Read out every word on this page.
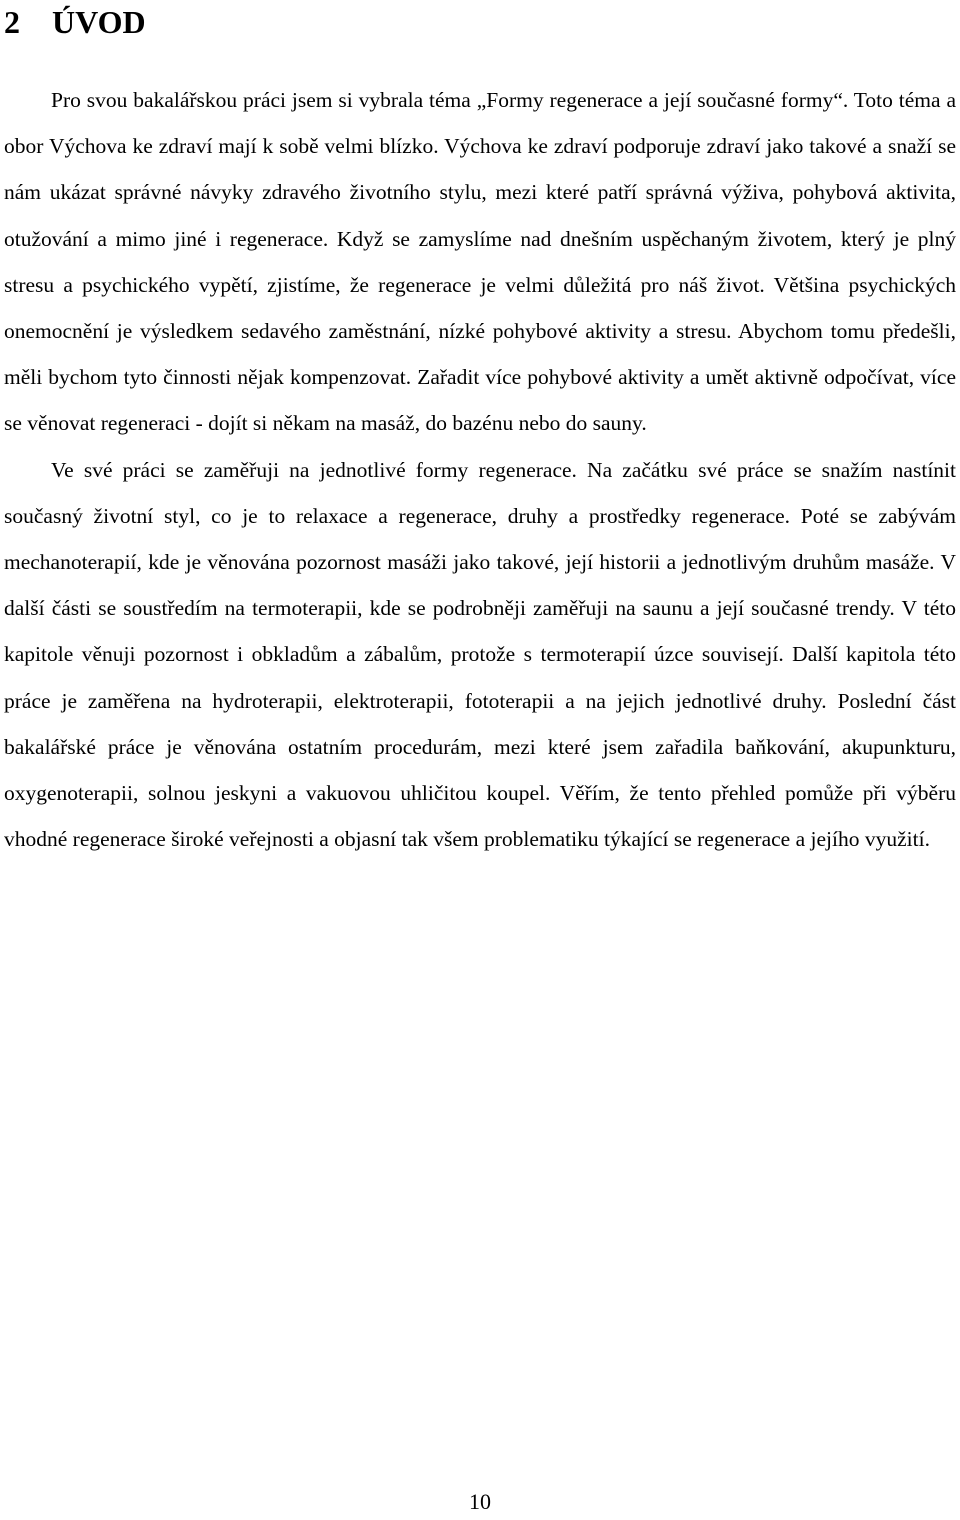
2 ÚVOD

Pro svou bakalářskou práci jsem si vybrala téma „Formy regenerace a její současné formy“. Toto téma a obor Výchova ke zdraví mají k sobě velmi blízko. Výchova ke zdraví podporuje zdraví jako takové a snaží se nám ukázat správné návyky zdravého životního stylu, mezi které patří správná výživa, pohybová aktivita, otužování a mimo jiné i regenerace. Když se zamyslíme nad dnešním uspěchaným životem, který je plný stresu a psychického vypětí, zjistíme, že regenerace je velmi důležitá pro náš život. Většina psychických onemocnění je výsledkem sedavého zaměstnání, nízké pohybové aktivity a stresu. Abychom tomu předešli, měli bychom tyto činnosti nějak kompenzovat. Zařadit více pohybové aktivity a umět aktivně odpočívat, více se věnovat regeneraci - dojít si někam na masáž, do bazénu nebo do sauny.

Ve své práci se zaměřuji na jednotlivé formy regenerace. Na začátku své práce se snažím nastínit současný životní styl, co je to relaxace a regenerace, druhy a prostředky regenerace. Poté se zabývám mechanoterapií, kde je věnována pozornost masáži jako takové, její historii a jednotlivým druhům masáže. V další části se soustředím na termoterapii, kde se podrobněji zaměřuji na saunu a její současné trendy. V této kapitole věnuji pozornost i obkladům a zábalům, protože s termoterapií úzce souvisejí. Další kapitola této práce je zaměřena na hydroterapii, elektroterapii, fototerapii a na jejich jednotlivé druhy. Poslední část bakalářské práce je věnována ostatním procedurám, mezi které jsem zařadila baňkování, akupunkturu, oxygenoterapii, solnou jeskyni a vakuovou uhličitou koupel. Věřím, že tento přehled pomůže při výběru vhodné regenerace široké veřejnosti a objasní tak všem problematiku týkající se regenerace a jejího využití.

10
